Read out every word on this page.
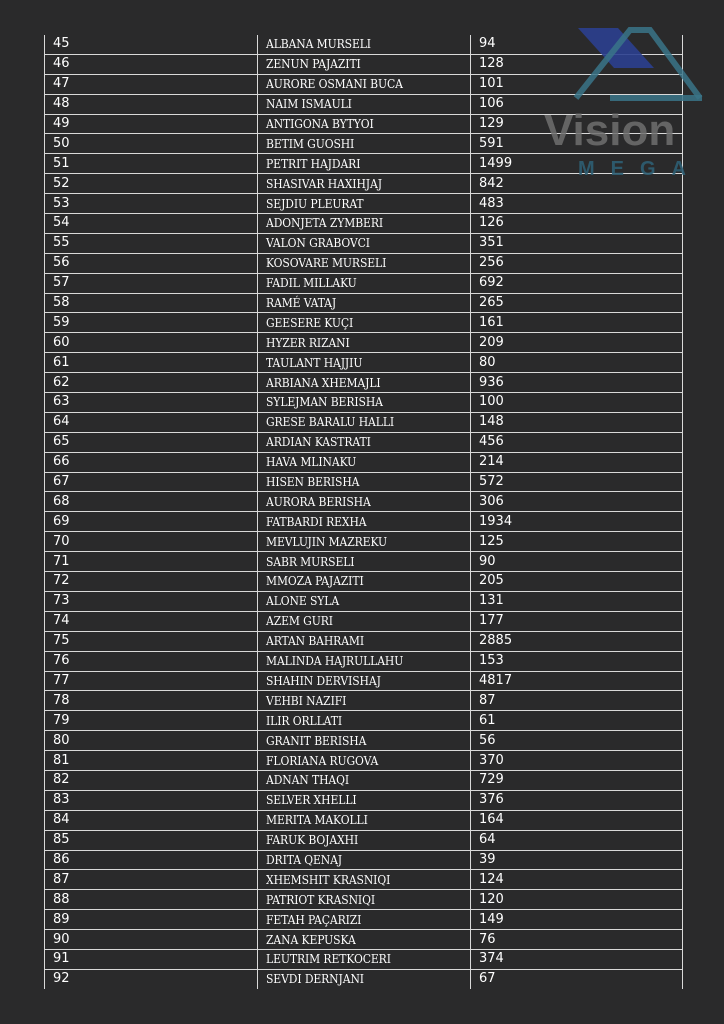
45	ALBANA MURSELI	94
46	ZENUN PAJAZITI	128
47	AURORE OSMANI BUCA	101
48	NAIM ISMAULI	106
49	ANTIGONA BYTYOI	129
50	BETIM GUOSHI	591
51	PETRIT HAJDARI	1499
52	SHASIVAR HAXIHJAJ	842
53	SEJDIU PLEURAT	483
54	ADONJETA ZYMBERI	126
55	VALON GRABOVCI	351
56	KOSOVARE MURSELI	256
57	FADIL MILLAKU	692
58	RAMÉ VATAJ	265
59	GEESERE KUÇI	161
60	HYZER RIZANI	209
61	TAULANT HAJJIU	80
62	ARBIANA XHEMAJLI	936
63	SYLEJMAN BERISHA	100
64	GRESE BARALU HALLI	148
65	ARDIAN KASTRATI	456
66	HAVA MLINAKU	214
67	HISEN BERISHA	572
68	AURORA BERISHA	306
69	FATBARDI REXHA	1934
70	MEVLUJIN MAZREKU	125
71	SABR MURSELI	90
72	MMOZA PAJAZITI	205
73	ALONE SYLA	131
74	AZEM GURI	177
75	ARTAN BAHRAMI	2885
76	MALINDA HAJRULLAHU	153
77	SHAHIN DERVISHAJ	4817
78	VEHBI NAZIFI	87
79	ILIR ORLLATI	61
80	GRANIT BERISHA	56
81	FLORIANA RUGOVA	370
82	ADNAN THAQI	729
83	SELVER XHELLI	376
84	MERITA MAKOLLI	164
85	FARUK BOJAXHI	64
86	DRITA QENAJ	39
87	XHEMSHIT KRASNIQI	124
88	PATRIOT KRASNIQI	120
89	FETAH PAÇARIZI	149
90	ZANA KEPUSKA	76
91	LEUTRIM RETKOCERI	374
92	SEVDI DERNJANI	67
Vision
MEGA
